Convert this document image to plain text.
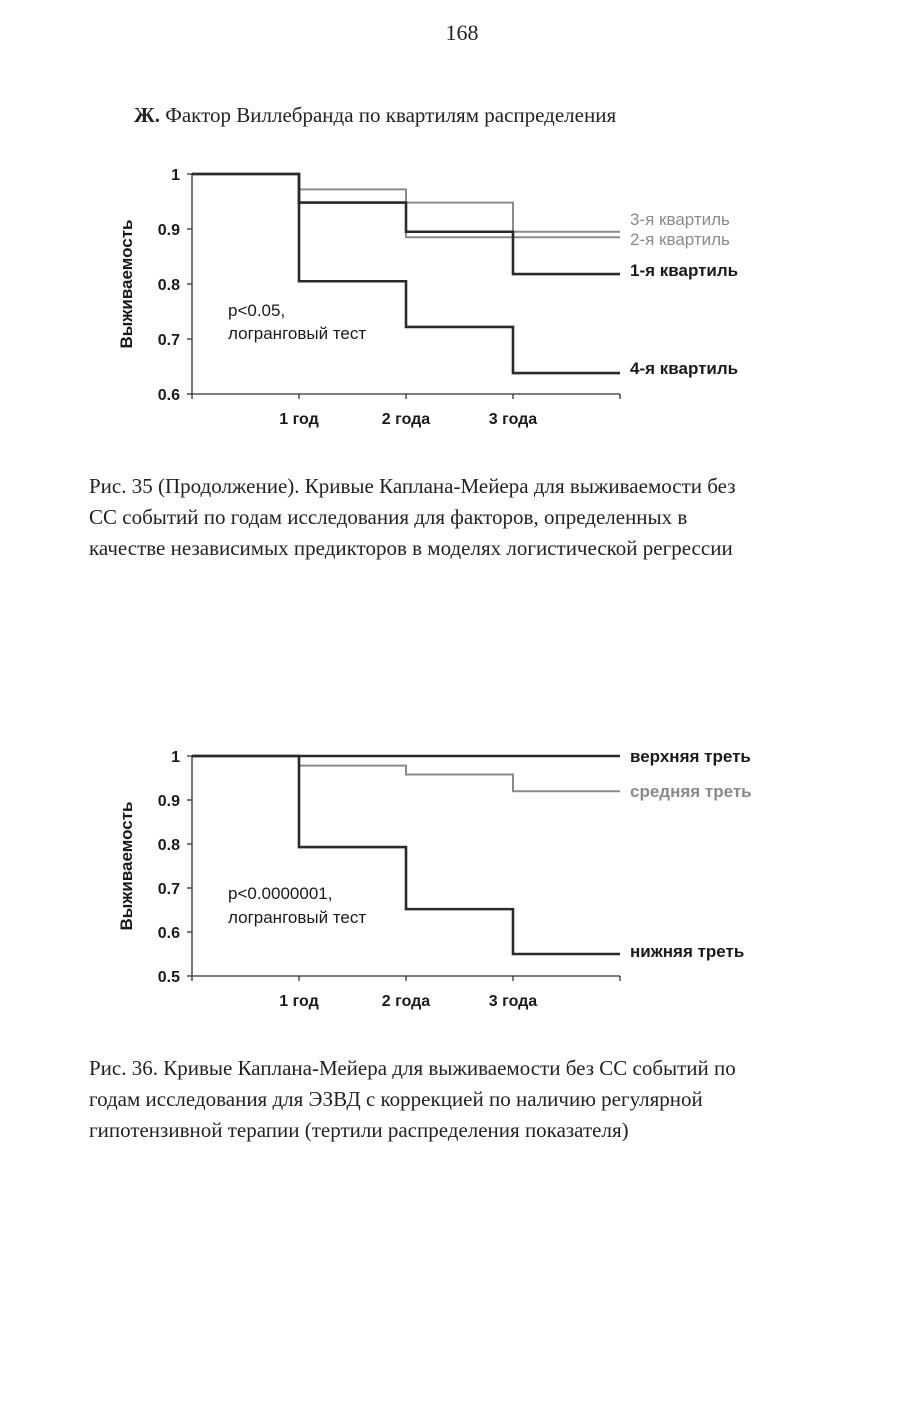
168
Ж. Фактор Виллебранда по квартилям распределения
0.6
0.7
0.8
0.9
1
1 год	2 года	3 года
Выживаемость
3-я квартиль
2-я квартиль
1-я квартиль
4-я квартиль
p<0.05,
логранговый тест
Рис. 35 (Продолжение). Кривые Каплана-Мейера для выживаемости без
СС событий по годам исследования для факторов, определенных в
качестве независимых предикторов в моделях логистической регрессии
0.5
0.6
0.7
0.8
0.9
1
1 год	2 года	3 года
Выживаемость
верхняя треть
средняя треть
нижняя треть
p<0.0000001,
логранговый тест
Рис. 36. Кривые Каплана-Мейера для выживаемости без СС событий по
годам исследования для ЭЗВД с коррекцией по наличию регулярной
гипотензивной терапии (тертили распределения показателя)
